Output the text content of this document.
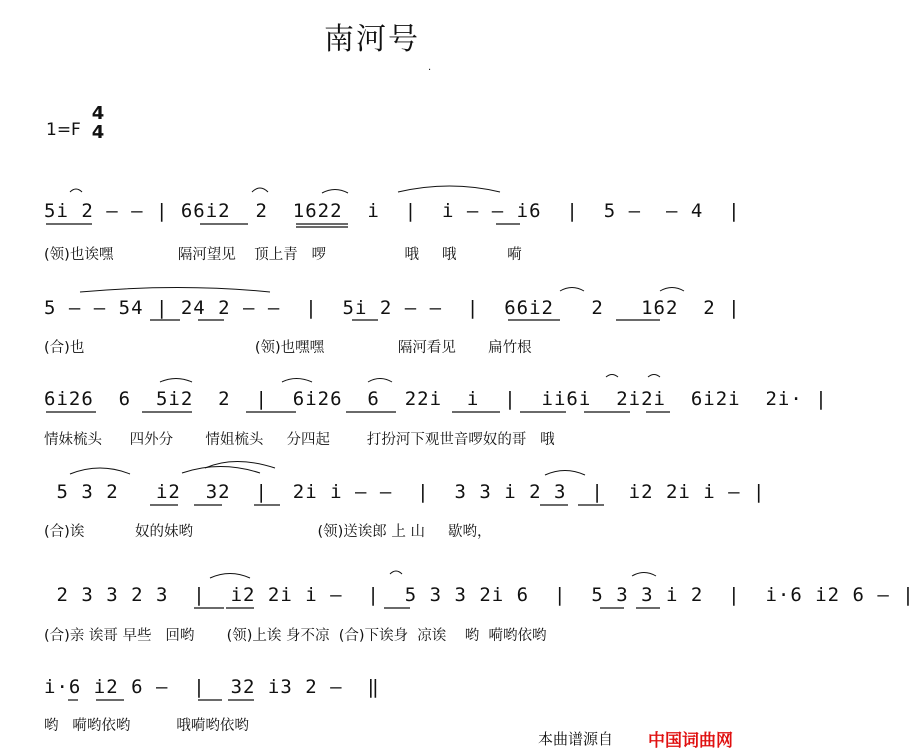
南河号
.
1=F
4
4
5i 2 — — | 66i2  2  1622  i  |  i — — i6  |  5 —  — 4  |
(领)也诶嘿              隔河望见    顶上青   啰                 哦     哦           嗬
5 — — 54 | 24 2 — —  |  5i 2 — —  |  66i2   2   162  2 |
(合)也                                     (领)也嘿嘿                隔河看见       扁竹根
6i26  6  5i2  2  |  6i26  6  22i  i  |  ii6i  2i2i  6i2i  2i· |
情妹梳头      四外分       情姐梳头     分四起        打扮河下观世音啰奴的哥   哦
5 3 2   i2  32  |  2i i — —  |  3 3 i 2 3  |  i2 2i i — |
(合)诶           奴的妹哟                           (领)送诶郎 上 山     歇哟，
2 3 3 2 3  |  i2 2i i —  |  5 3 3 2i 6  |  5 3 3 i 2  |  i·6 i2 6 — |
(合)亲 诶哥 早些   回哟       (领)上诶 身不凉  (合)下诶身  凉诶    哟  嗬哟依哟
i·6 i2 6 —  |  32 i3 2 —  ‖
哟   嗬哟依哟          哦嗬哟依哟
本曲谱源自 中国词曲网
